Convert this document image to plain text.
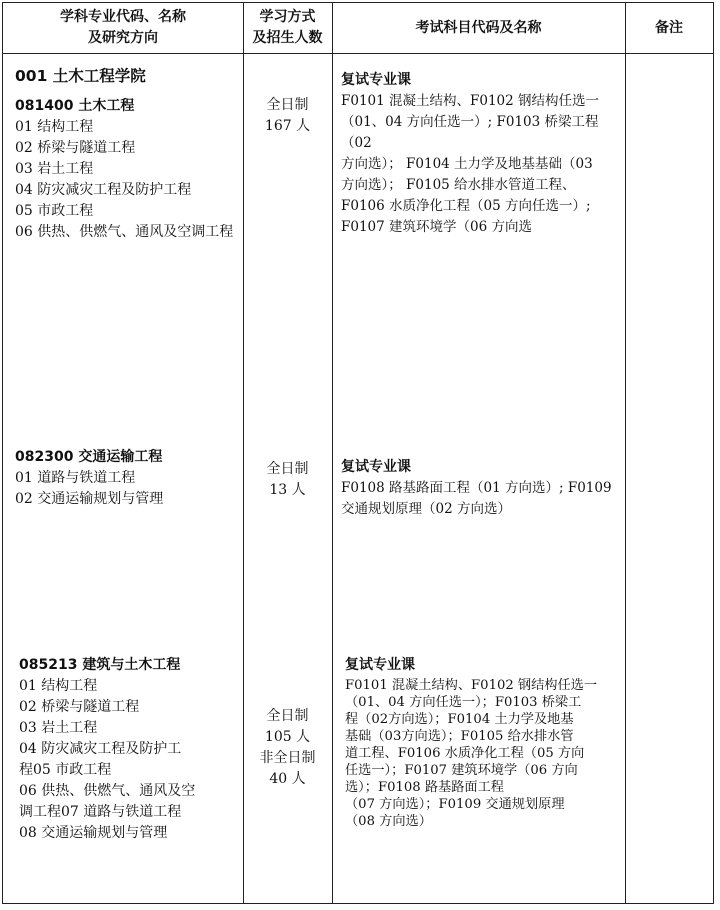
学科专业代码、名称
及研究方向
学习方式
及招生人数
考试科目代码及名称	备注
001 土木工程学院
081400 土木工程
01 结构工程
02 桥梁与隧道工程
03 岩土工程
04 防灾减灾工程及防护工程
05 市政工程
06 供热、供燃气、通风及空调工程
全日制
167 人
复试专业课
F0101 混凝土结构、F0102 钢结构任选一
（01、04 方向任选一）; F0103 桥梁工程（02
方向选）； F0104 土力学及地基基础（03
方向选）； F0105 给水排水管道工程、
F0106 水质净化工程（05 方向任选一）;
F0107 建筑环境学（06 方向选
082300 交通运输工程
01 道路与铁道工程
02 交通运输规划与管理
全日制
13 人
复试专业课
F0108 路基路面工程（01 方向选）; F0109
交通规划原理（02 方向选）
085213 建筑与土木工程
01 结构工程
02 桥梁与隧道工程
03 岩土工程
04 防灾减灾工程及防护工
程05 市政工程
06 供热、供燃气、通风及空
调工程07 道路与铁道工程
08 交通运输规划与管理
全日制
105 人
非全日制
40 人
复试专业课
F0101 混凝土结构、F0102 钢结构任选一
（01、04 方向任选一）；F0103 桥梁工
程（02方向选）；F0104 土力学及地基
基础（03方向选）；F0105 给水排水管
道工程、F0106 水质净化工程（05 方向
任选一）；F0107 建筑环境学（06 方向
选）；F0108 路基路面工程
（07 方向选）；F0109 交通规划原理
（08 方向选）
